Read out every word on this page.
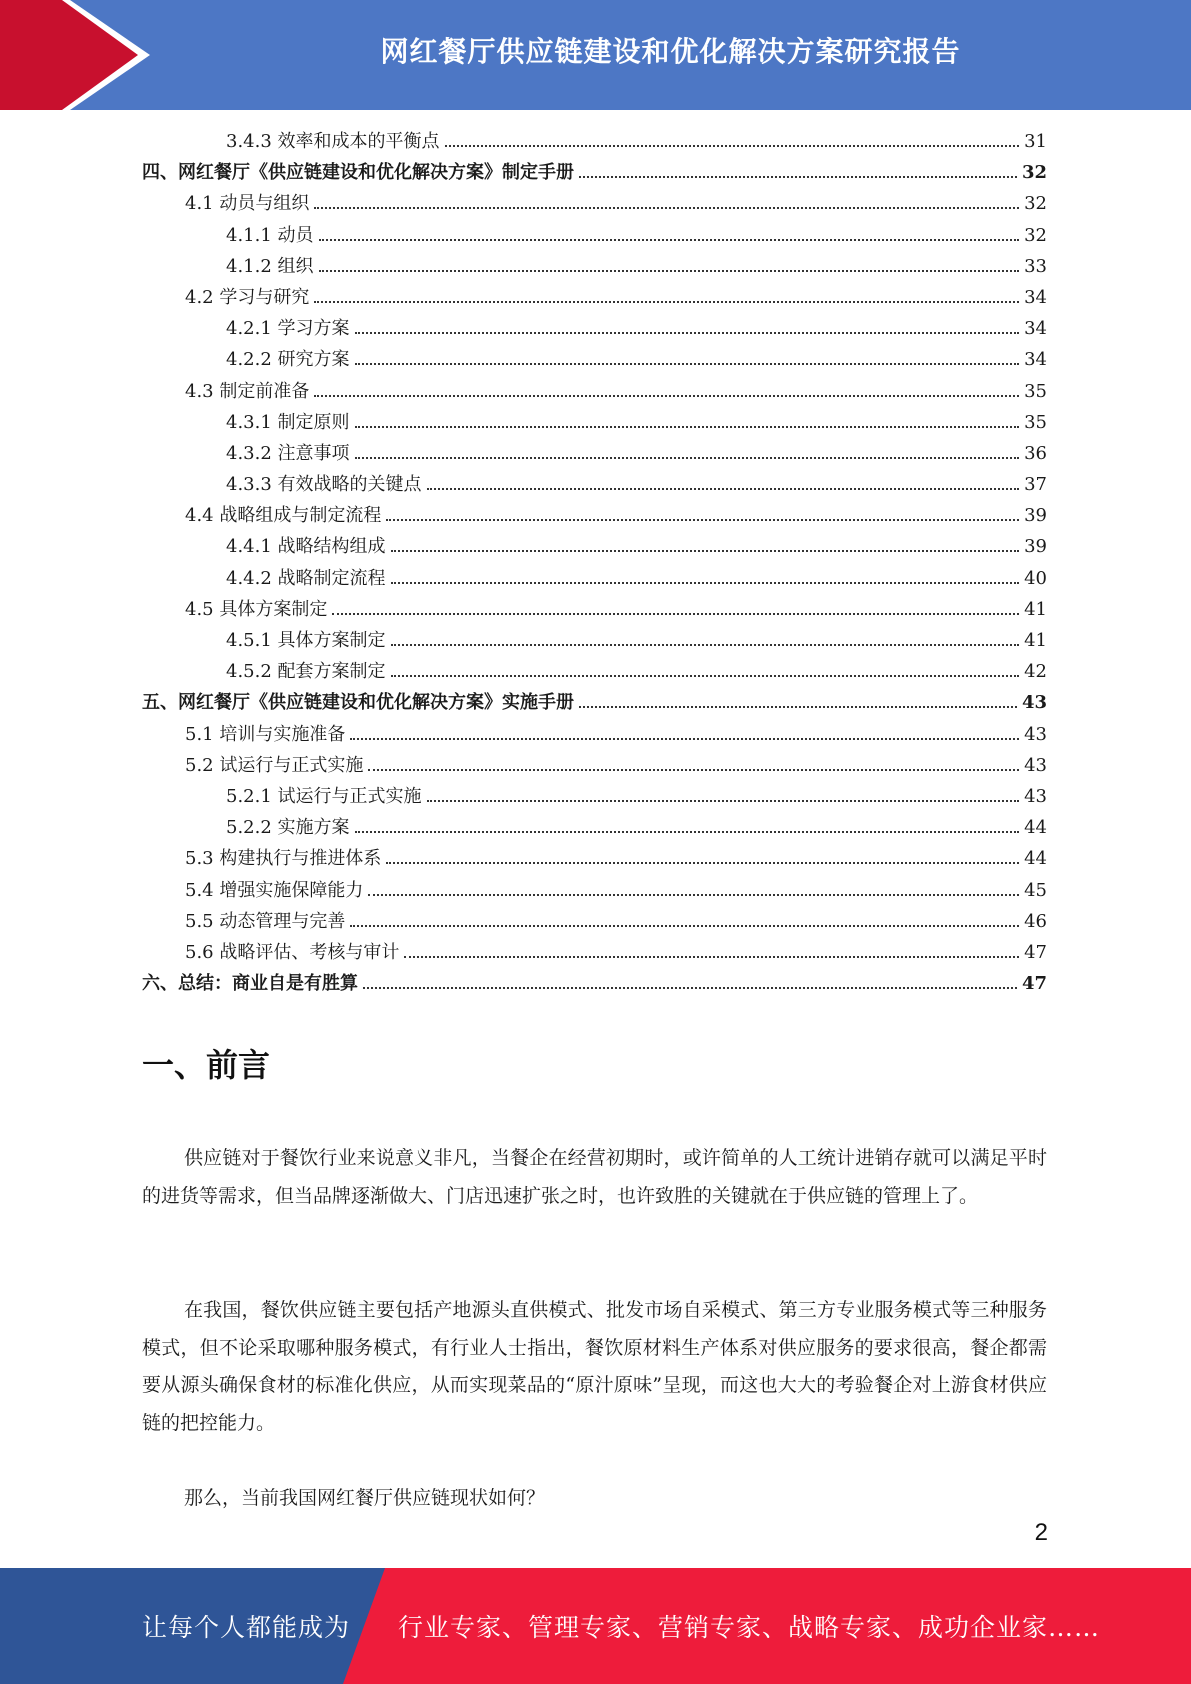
网红餐厅供应链建设和优化解决方案研究报告
3.4.3 效率和成本的平衡点	31
四、网红餐厅《供应链建设和优化解决方案》制定手册	32
4.1 动员与组织	32
4.1.1 动员	32
4.1.2 组织	33
4.2 学习与研究	34
4.2.1 学习方案	34
4.2.2 研究方案	34
4.3 制定前准备	35
4.3.1 制定原则	35
4.3.2 注意事项	36
4.3.3 有效战略的关键点	37
4.4 战略组成与制定流程	39
4.4.1 战略结构组成	39
4.4.2 战略制定流程	40
4.5 具体方案制定	41
4.5.1 具体方案制定	41
4.5.2 配套方案制定	42
五、网红餐厅《供应链建设和优化解决方案》实施手册	43
5.1 培训与实施准备	43
5.2 试运行与正式实施	43
5.2.1 试运行与正式实施	43
5.2.2 实施方案	44
5.3 构建执行与推进体系	44
5.4 增强实施保障能力	45
5.5 动态管理与完善	46
5.6 战略评估、考核与审计	47
六、总结：商业自是有胜算	47
一、前言
供应链对于餐饮行业来说意义非凡，当餐企在经营初期时，或许简单的人工统计进销存就可以满足平时的进货等需求，但当品牌逐渐做大、门店迅速扩张之时，也许致胜的关键就在于供应链的管理上了。
在我国，餐饮供应链主要包括产地源头直供模式、批发市场自采模式、第三方专业服务模式等三种服务模式，但不论采取哪种服务模式，有行业人士指出，餐饮原材料生产体系对供应服务的要求很高，餐企都需要从源头确保食材的标准化供应，从而实现菜品的“原汁原味”呈现，而这也大大的考验餐企对上游食材供应链的把控能力。
那么，当前我国网红餐厅供应链现状如何？
2
让每个人都能成为 行业专家、管理专家、营销专家、战略专家、成功企业家……
